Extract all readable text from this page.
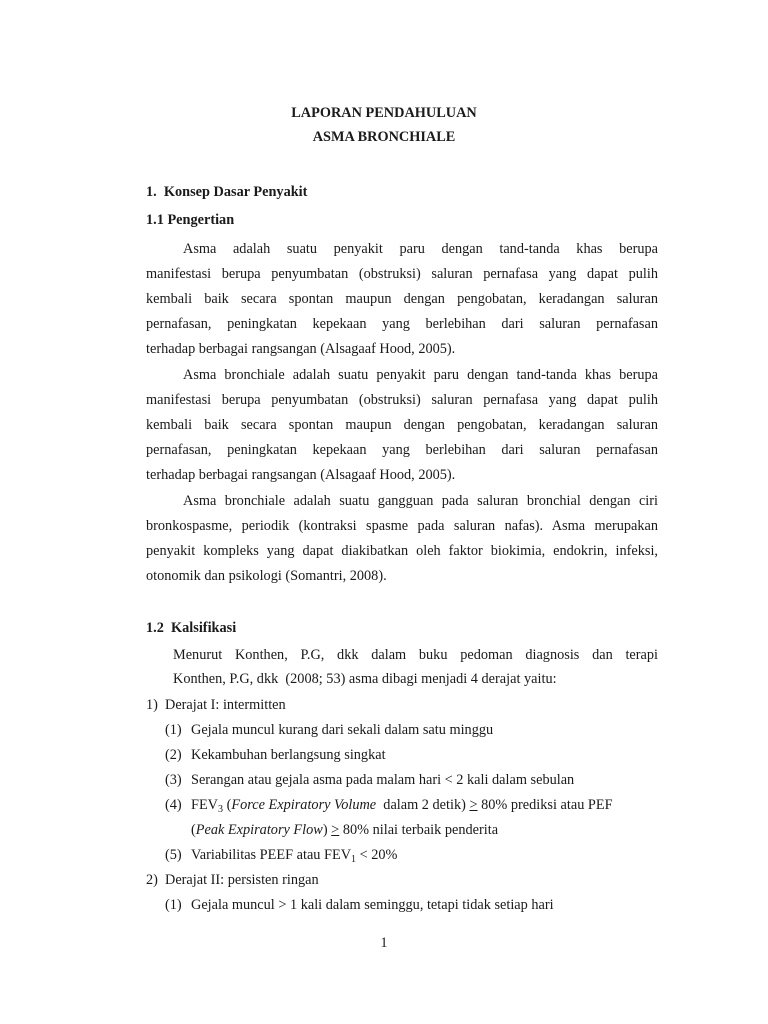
LAPORAN PENDAHULUAN
ASMA BRONCHIALE
1. Konsep Dasar Penyakit
1.1 Pengertian
Asma adalah suatu penyakit paru dengan tand-tanda khas berupa
manifestasi berupa penyumbatan (obstruksi) saluran pernafasa yang dapat pulih
kembali baik secara spontan maupun dengan pengobatan, keradangan saluran
pernafasan, peningkatan kepekaan yang berlebihan dari saluran pernafasan
terhadap berbagai rangsangan (Alsagaaf Hood, 2005).
Asma bronchiale adalah suatu penyakit paru dengan tand-tanda khas berupa
manifestasi berupa penyumbatan (obstruksi) saluran pernafasa yang dapat pulih
kembali baik secara spontan maupun dengan pengobatan, keradangan saluran
pernafasan, peningkatan kepekaan yang berlebihan dari saluran pernafasan
terhadap berbagai rangsangan (Alsagaaf Hood, 2005).
Asma bronchiale adalah suatu gangguan pada saluran bronchial dengan ciri
bronkospasme, periodik (kontraksi spasme pada saluran nafas). Asma merupakan
penyakit kompleks yang dapat diakibatkan oleh faktor biokimia, endokrin, infeksi,
otonomik dan psikologi (Somantri, 2008).
1.2 Kalsifikasi
Menurut Konthen, P.G, dkk dalam buku pedoman diagnosis dan terapi
Konthen, P.G, dkk  (2008; 53) asma dibagi menjadi 4 derajat yaitu:
1) Derajat I: intermitten
(1) Gejala muncul kurang dari sekali dalam satu minggu
(2) Kekambuhan berlangsung singkat
(3) Serangan atau gejala asma pada malam hari < 2 kali dalam sebulan
(4) $FEV_3$ (Force Expiratory Volume  dalam 2 detik) ≥ 80% prediksi atau PEF
(Peak Expiratory Flow) ≥ 80% nilai terbaik penderita
(5) Variabilitas PEEF atau $FEV_1 < 20\%$
2) Derajat II: persisten ringan
(1) Gejala muncul > 1 kali dalam seminggu, tetapi tidak setiap hari
1
